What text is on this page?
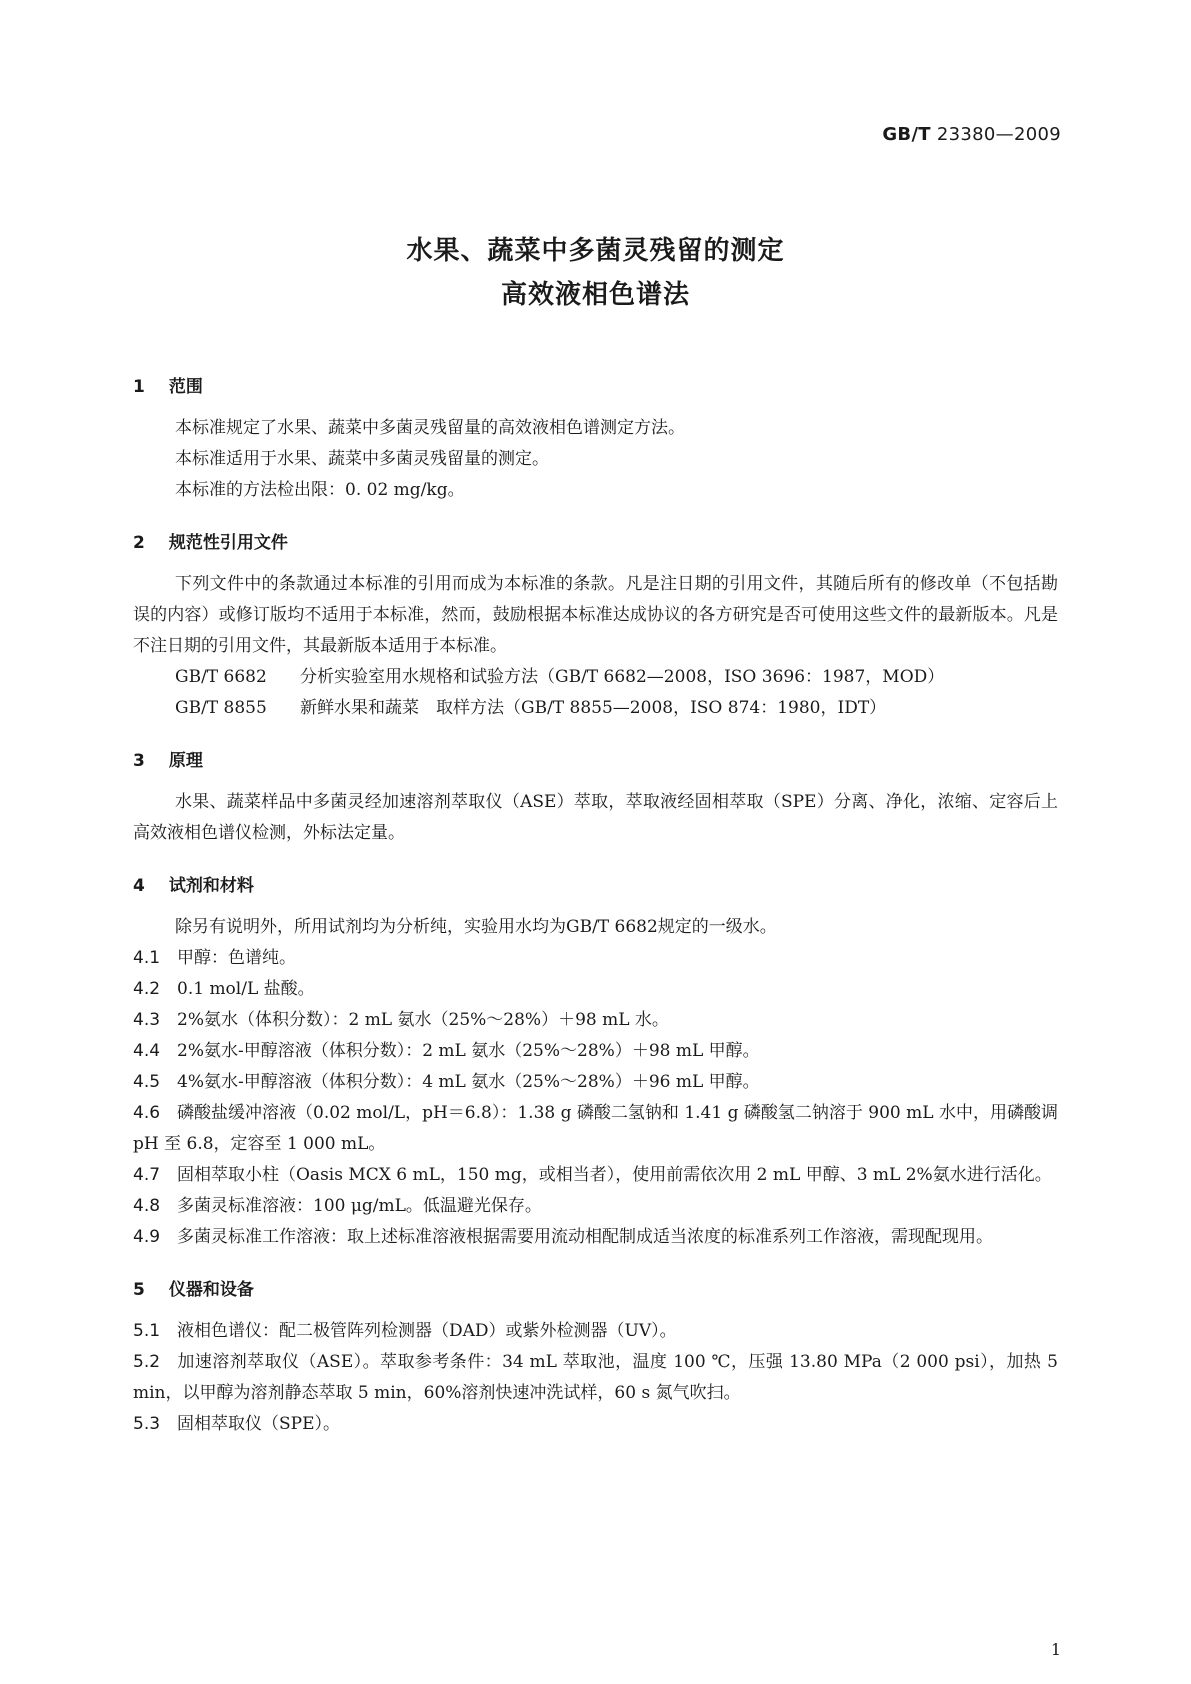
GB/T 23380—2009
水果、蔬菜中多菌灵残留的测定
高效液相色谱法
1 范围

本标准规定了水果、蔬菜中多菌灵残留量的高效液相色谱测定方法。

本标准适用于水果、蔬菜中多菌灵残留量的测定。

本标准的方法检出限：0. 02 mg/kg。

2 规范性引用文件

下列文件中的条款通过本标准的引用而成为本标准的条款。凡是注日期的引用文件，其随后所有的修改单（不包括勘误的内容）或修订版均不适用于本标准，然而，鼓励根据本标准达成协议的各方研究是否可使用这些文件的最新版本。凡是不注日期的引用文件，其最新版本适用于本标准。

GB/T 6682 分析实验室用水规格和试验方法（GB/T 6682—2008，ISO 3696：1987，MOD）
GB/T 8855 新鲜水果和蔬菜　取样方法（GB/T 8855—2008，ISO 874：1980，IDT）
3 原理

水果、蔬菜样品中多菌灵经加速溶剂萃取仪（ASE）萃取，萃取液经固相萃取（SPE）分离、净化，浓缩、定容后上高效液相色谱仪检测，外标法定量。

4 试剂和材料

除另有说明外，所用试剂均为分析纯，实验用水均为GB/T 6682规定的一级水。

4.1 甲醇：色谱纯。

4.2 0.1 mol/L 盐酸。

4.3 2%氨水（体积分数）：2 mL 氨水（25%～28%）＋98 mL 水。

4.4 2%氨水-甲醇溶液（体积分数）：2 mL 氨水（25%～28%）＋98 mL 甲醇。

4.5 4%氨水-甲醇溶液（体积分数）：4 mL 氨水（25%～28%）＋96 mL 甲醇。

4.6 磷酸盐缓冲溶液（0.02 mol/L，pH＝6.8）：1.38 g 磷酸二氢钠和 1.41 g 磷酸氢二钠溶于 900 mL 水中，用磷酸调 pH 至 6.8，定容至 1 000 mL。

4.7 固相萃取小柱（Oasis MCX 6 mL，150 mg，或相当者），使用前需依次用 2 mL 甲醇、3 mL 2%氨水进行活化。

4.8 多菌灵标准溶液：100 μg/mL。低温避光保存。

4.9 多菌灵标准工作溶液：取上述标准溶液根据需要用流动相配制成适当浓度的标准系列工作溶液，需现配现用。

5 仪器和设备

5.1 液相色谱仪：配二极管阵列检测器（DAD）或紫外检测器（UV）。

5.2 加速溶剂萃取仪（ASE）。萃取参考条件：34 mL 萃取池，温度 100 ℃，压强 13.80 MPa（2 000 psi），加热 5 min，以甲醇为溶剂静态萃取 5 min，60%溶剂快速冲洗试样，60 s 氮气吹扫。

5.3 固相萃取仪（SPE）。

1
